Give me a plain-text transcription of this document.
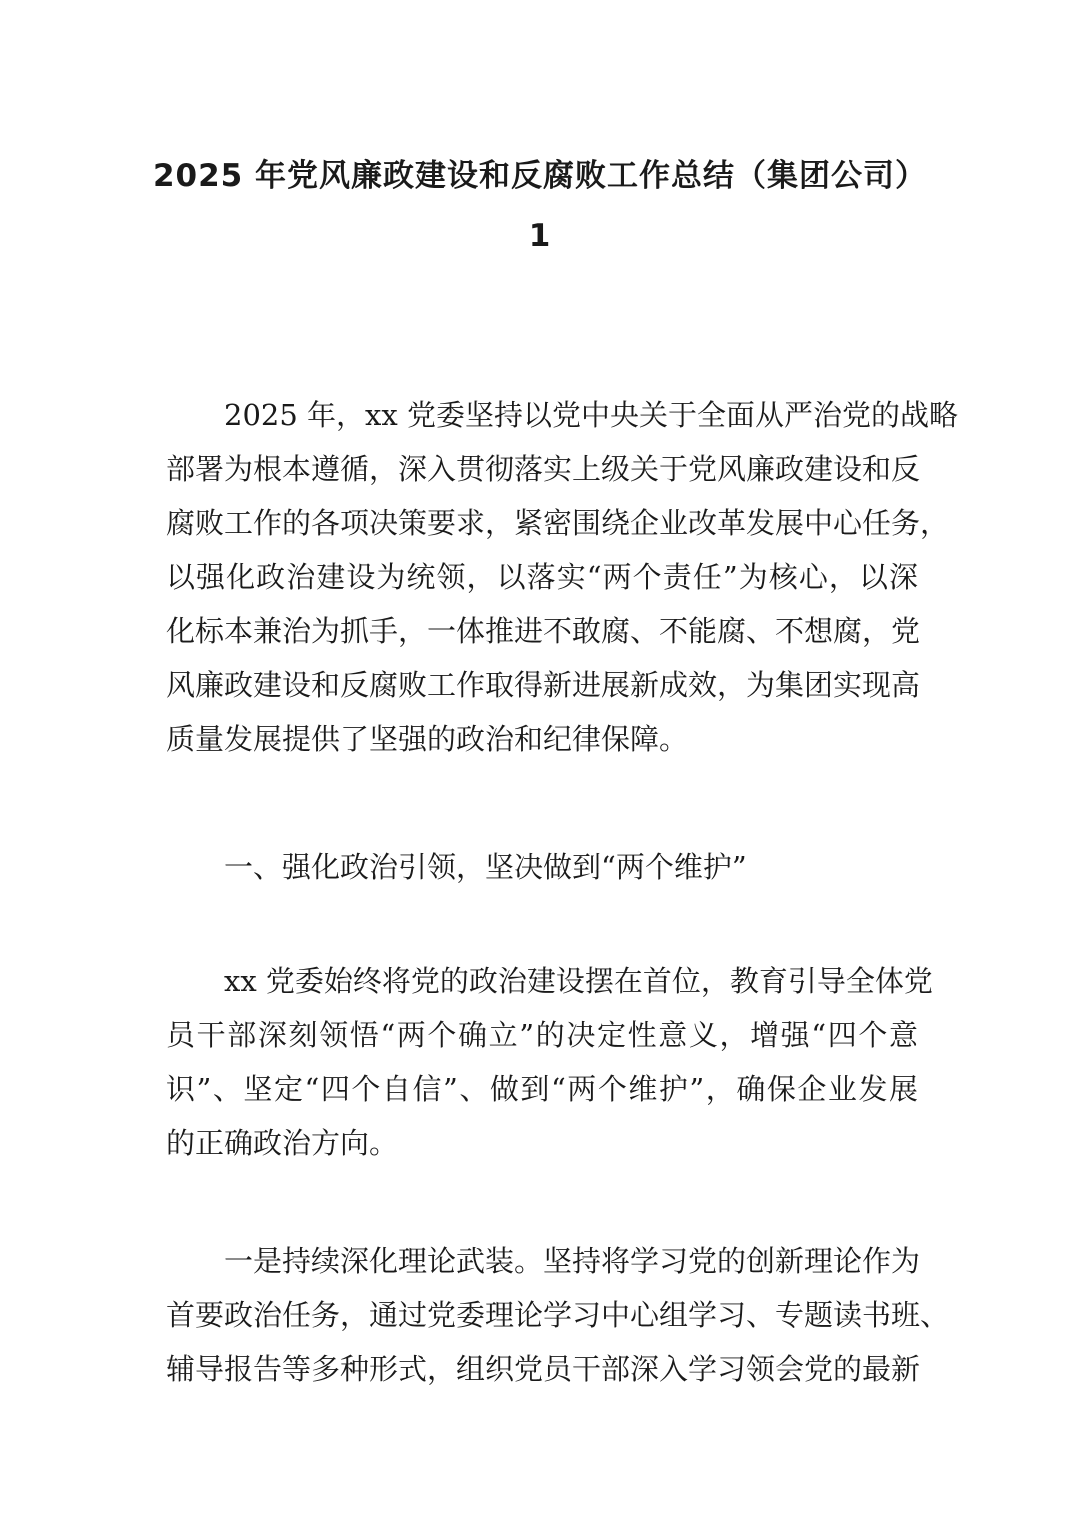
2025 年党风廉政建设和反腐败工作总结（集团公司）
1

2025 年，xx 党委坚持以党中央关于全面从严治党的战略
部署为根本遵循，深入贯彻落实上级关于党风廉政建设和反
腐败工作的各项决策要求，紧密围绕企业改革发展中心任务，
以强化政治建设为统领，以落实“两个责任”为核心，以深
化标本兼治为抓手，一体推进不敢腐、不能腐、不想腐，党
风廉政建设和反腐败工作取得新进展新成效，为集团实现高
质量发展提供了坚强的政治和纪律保障。

一、强化政治引领，坚决做到“两个维护”

xx 党委始终将党的政治建设摆在首位，教育引导全体党
员干部深刻领悟“两个确立”的决定性意义，增强“四个意
识”、坚定“四个自信”、做到“两个维护”，确保企业发展
的正确政治方向。

一是持续深化理论武装。坚持将学习党的创新理论作为
首要政治任务，通过党委理论学习中心组学习、专题读书班、
辅导报告等多种形式，组织党员干部深入学习领会党的最新
